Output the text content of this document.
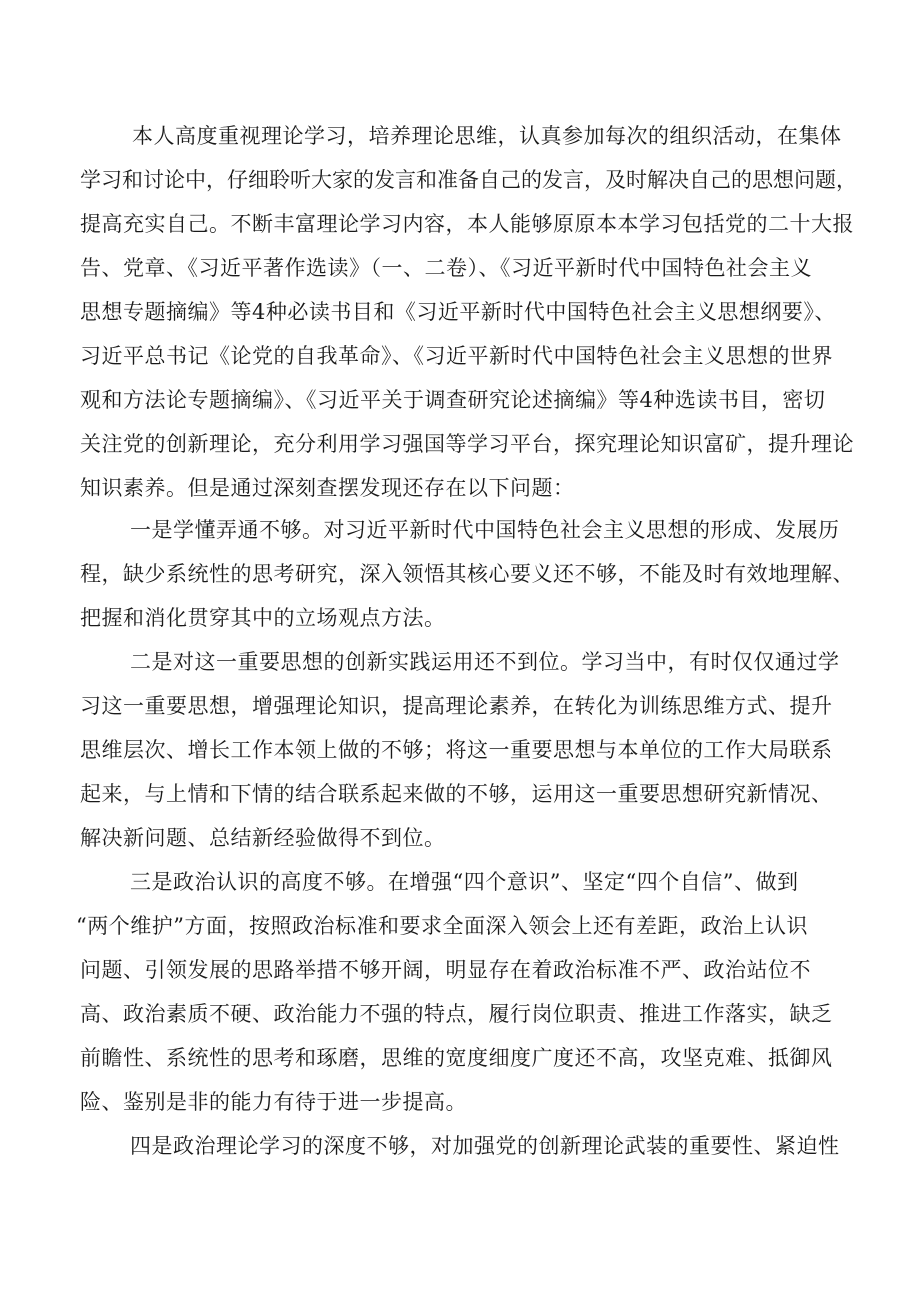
本人高度重视理论学习，培养理论思维，认真参加每次的组织活动，在集体
学习和讨论中，仔细聆听大家的发言和准备自己的发言，及时解决自己的思想问题，
提高充实自己。不断丰富理论学习内容，本人能够原原本本学习包括党的二十大报
告、党章、《习近平著作选读》（一、二卷）、《习近平新时代中国特色社会主义
思想专题摘编》等4种必读书目和《习近平新时代中国特色社会主义思想纲要》、
习近平总书记《论党的自我革命》、《习近平新时代中国特色社会主义思想的世界
观和方法论专题摘编》、《习近平关于调查研究论述摘编》等4种选读书目，密切
关注党的创新理论，充分利用学习强国等学习平台，探究理论知识富矿，提升理论
知识素养。但是通过深刻查摆发现还存在以下问题：
一是学懂弄通不够。对习近平新时代中国特色社会主义思想的形成、发展历
程，缺少系统性的思考研究，深入领悟其核心要义还不够，不能及时有效地理解、
把握和消化贯穿其中的立场观点方法。
二是对这一重要思想的创新实践运用还不到位。学习当中，有时仅仅通过学
习这一重要思想，增强理论知识，提高理论素养，在转化为训练思维方式、提升
思维层次、增长工作本领上做的不够；将这一重要思想与本单位的工作大局联系
起来，与上情和下情的结合联系起来做的不够，运用这一重要思想研究新情况、
解决新问题、总结新经验做得不到位。
三是政治认识的高度不够。在增强“四个意识”、坚定“四个自信”、做到
“两个维护”方面，按照政治标准和要求全面深入领会上还有差距，政治上认识
问题、引领发展的思路举措不够开阔，明显存在着政治标准不严、政治站位不
高、政治素质不硬、政治能力不强的特点，履行岗位职责、推进工作落实，缺乏
前瞻性、系统性的思考和琢磨，思维的宽度细度广度还不高，攻坚克难、抵御风
险、鉴别是非的能力有待于进一步提高。
四是政治理论学习的深度不够，对加强党的创新理论武装的重要性、紧迫性
